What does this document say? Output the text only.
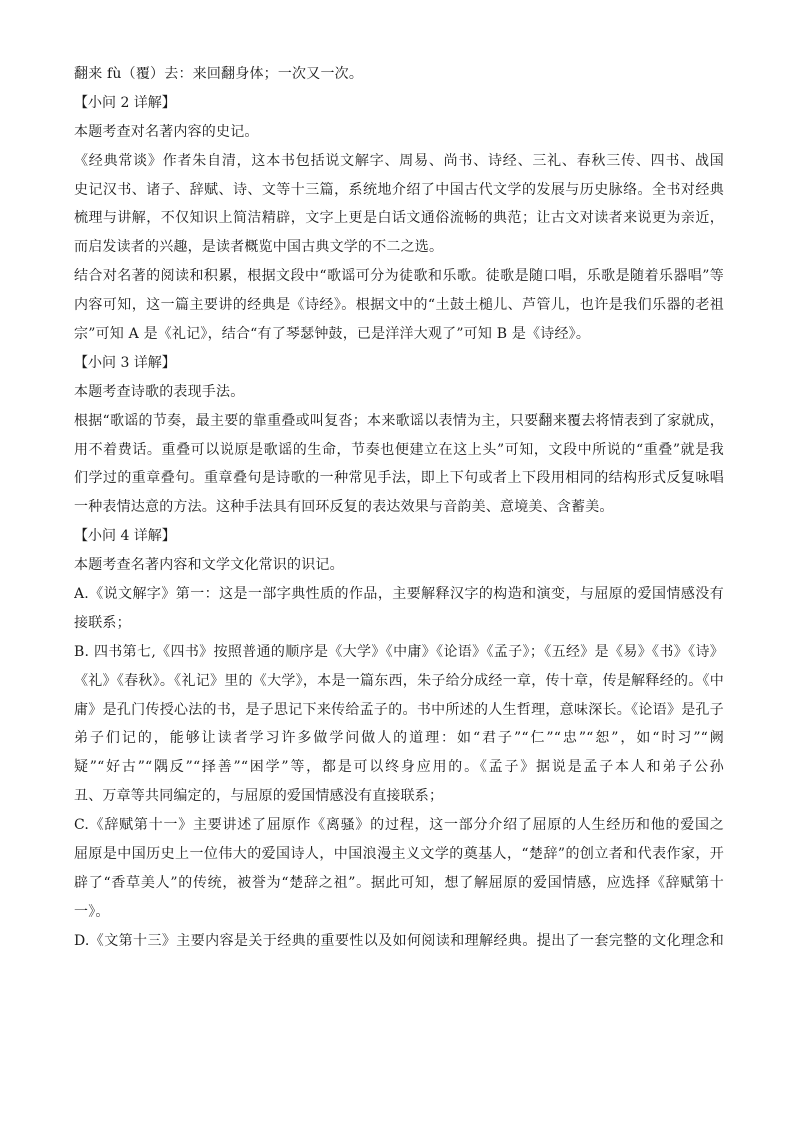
翻来 fù（覆）去：来回翻身体；一次又一次。

【小问 2 详解】

本题考查对名著内容的史记。

《经典常谈》作者朱自清，这本书包括说文解字、周易、尚书、诗经、三礼、春秋三传、四书、战国

史记汉书、诸子、辞赋、诗、文等十三篇，系统地介绍了中国古代文学的发展与历史脉络。全书对经典

梳理与讲解，不仅知识上简洁精辟，文字上更是白话文通俗流畅的典范；让古文对读者来说更为亲近，

而启发读者的兴趣，是读者概览中国古典文学的不二之选。

结合对名著的阅读和积累，根据文段中“歌谣可分为徒歌和乐歌。徒歌是随口唱，乐歌是随着乐器唱”等

内容可知，这一篇主要讲的经典是《诗经》。根据文中的“土鼓土槌儿、芦管儿，也许是我们乐器的老祖

宗”可知 A 是《礼记》，结合“有了琴瑟钟鼓，已是洋洋大观了”可知 B 是《诗经》。

【小问 3 详解】

本题考查诗歌的表现手法。

根据“歌谣的节奏，最主要的靠重叠或叫复沓；本来歌谣以表情为主，只要翻来覆去将情表到了家就成，

用不着费话。重叠可以说原是歌谣的生命，节奏也便建立在这上头”可知，文段中所说的“重叠”就是我

们学过的重章叠句。重章叠句是诗歌的一种常见手法，即上下句或者上下段用相同的结构形式反复咏唱

一种表情达意的方法。这种手法具有回环反复的表达效果与音韵美、意境美、含蓄美。

【小问 4 详解】

本题考查名著内容和文学文化常识的识记。

A.《说文解字》第一：这是一部字典性质的作品，主要解释汉字的构造和演变，与屈原的爱国情感没有

接联系；

B. 四书第七,《四书》按照普通的顺序是《大学》《中庸》《论语》《孟子》；《五经》是《易》《书》《诗》

《礼》《春秋》。《礼记》里的《大学》，本是一篇东西，朱子给分成经一章，传十章，传是解释经的。《中

庸》是孔门传授心法的书，是子思记下来传给孟子的。书中所述的人生哲理，意味深长。《论语》是孔子

弟子们记的，能够让读者学习许多做学问做人的道理：如“君子”“仁”“忠”“恕”，如“时习”“阙

疑”“好古”“隅反”“择善”“困学”等，都是可以终身应用的。《孟子》据说是孟子本人和弟子公孙

丑、万章等共同编定的，与屈原的爱国情感没有直接联系；

C.《辞赋第十一》主要讲述了屈原作《离骚》的过程，这一部分介绍了屈原的人生经历和他的爱国之

屈原是中国历史上一位伟大的爱国诗人，中国浪漫主义文学的奠基人，“楚辞”的创立者和代表作家，开

辟了“香草美人”的传统，被誉为“楚辞之祖”。据此可知，想了解屈原的爱国情感，应选择《辞赋第十

一》。

D.《文第十三》主要内容是关于经典的重要性以及如何阅读和理解经典。提出了一套完整的文化理念和
